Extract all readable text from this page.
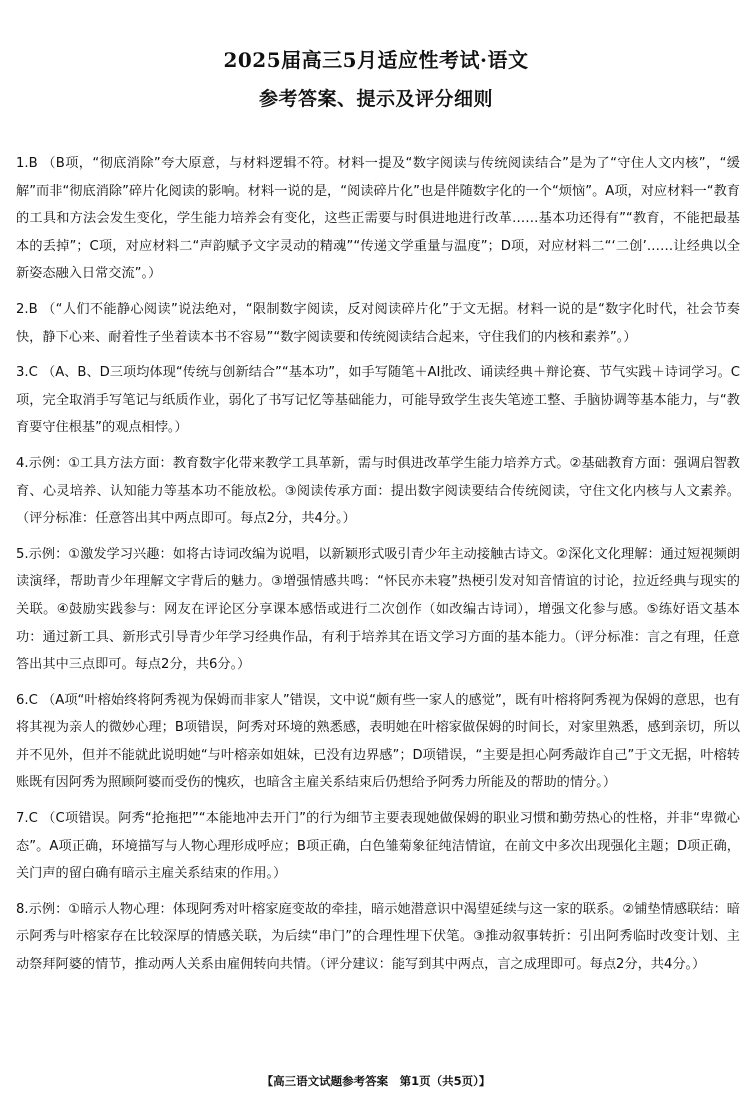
2025届高三5月适应性考试·语文
参考答案、提示及评分细则

1.B （B项，“彻底消除”夸大原意，与材料逻辑不符。材料一提及“数字阅读与传统阅读结合”是为了“守住人文内核”，“缓解”而非“彻底消除”碎片化阅读的影响。材料一说的是，“阅读碎片化”也是伴随数字化的一个“烦恼”。A项，对应材料一“教育的工具和方法会发生变化，学生能力培养会有变化，这些正需要与时俱进地进行改革……基本功还得有”“教育，不能把最基本的丢掉”；C项，对应材料二“声韵赋予文字灵动的精魂”“传递文学重量与温度”；D项，对应材料二“‘二创’……让经典以全新姿态融入日常交流”。）

2.B （“人们不能静心阅读”说法绝对，“限制数字阅读，反对阅读碎片化”于文无据。材料一说的是“数字化时代，社会节奏快，静下心来、耐着性子坐着读本书不容易”“数字阅读要和传统阅读结合起来，守住我们的内核和素养”。）

3.C （A、B、D三项均体现“传统与创新结合”“基本功”，如手写随笔＋AI批改、诵读经典＋辩论赛、节气实践＋诗词学习。C项，完全取消手写笔记与纸质作业，弱化了书写记忆等基础能力，可能导致学生丧失笔迹工整、手脑协调等基本能力，与“教育要守住根基”的观点相悖。）

4.示例：①工具方法方面：教育数字化带来教学工具革新，需与时俱进改革学生能力培养方式。②基础教育方面：强调启智教育、心灵培养、认知能力等基本功不能放松。③阅读传承方面：提出数字阅读要结合传统阅读，守住文化内核与人文素养。（评分标准：任意答出其中两点即可。每点2分，共4分。）

5.示例：①激发学习兴趣：如将古诗词改编为说唱，以新颖形式吸引青少年主动接触古诗文。②深化文化理解：通过短视频朗读演绎，帮助青少年理解文字背后的魅力。③增强情感共鸣：“怀民亦未寝”热梗引发对知音情谊的讨论，拉近经典与现实的关联。④鼓励实践参与：网友在评论区分享课本感悟或进行二次创作（如改编古诗词），增强文化参与感。⑤练好语文基本功：通过新工具、新形式引导青少年学习经典作品，有利于培养其在语文学习方面的基本能力。（评分标准：言之有理，任意答出其中三点即可。每点2分，共6分。）

6.C （A项“叶榕始终将阿秀视为保姆而非家人”错误，文中说“颇有些一家人的感觉”，既有叶榕将阿秀视为保姆的意思，也有将其视为亲人的微妙心理；B项错误，阿秀对环境的熟悉感，表明她在叶榕家做保姆的时间长，对家里熟悉，感到亲切，所以并不见外，但并不能就此说明她“与叶榕亲如姐妹，已没有边界感”；D项错误，“主要是担心阿秀敲诈自己”于文无据，叶榕转账既有因阿秀为照顾阿婆而受伤的愧疚，也暗含主雇关系结束后仍想给予阿秀力所能及的帮助的情分。）

7.C （C项错误。阿秀“抢拖把”“本能地冲去开门”的行为细节主要表现她做保姆的职业习惯和勤劳热心的性格，并非“卑微心态”。A项正确，环境描写与人物心理形成呼应；B项正确，白色雏菊象征纯洁情谊，在前文中多次出现强化主题；D项正确，关门声的留白确有暗示主雇关系结束的作用。）

8.示例：①暗示人物心理：体现阿秀对叶榕家庭变故的牵挂，暗示她潜意识中渴望延续与这一家的联系。②铺垫情感联结：暗示阿秀与叶榕家存在比较深厚的情感关联，为后续“串门”的合理性埋下伏笔。③推动叙事转折：引出阿秀临时改变计划、主动祭拜阿婆的情节，推动两人关系由雇佣转向共情。（评分建议：能写到其中两点，言之成理即可。每点2分，共4分。）

【高三语文试题参考答案　第1页（共5页）】
